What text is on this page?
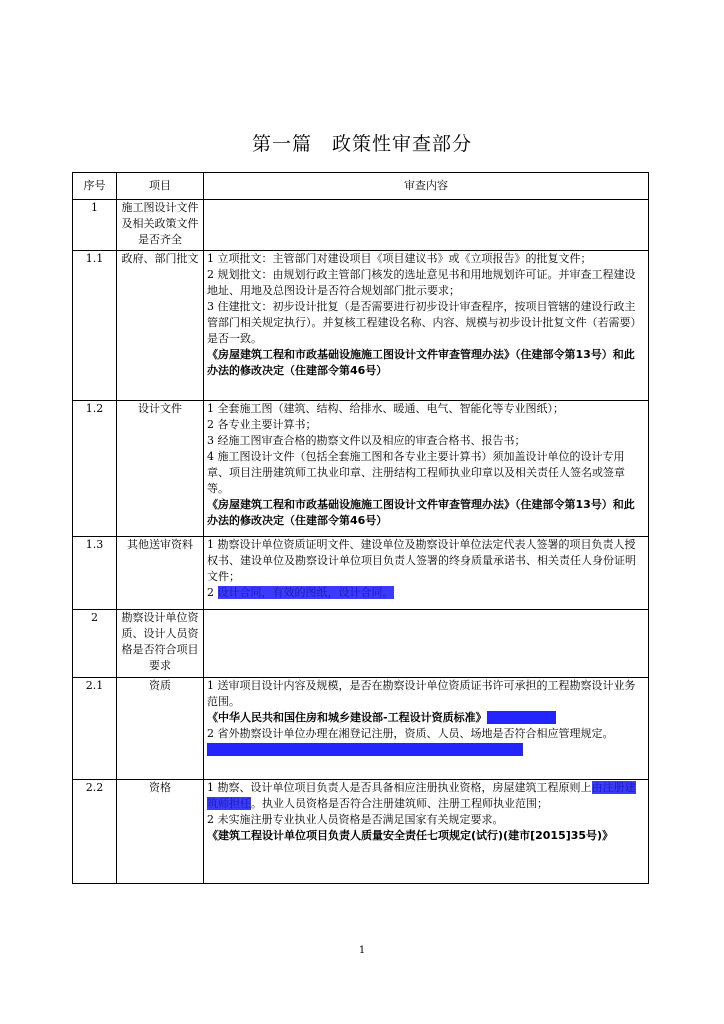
第一篇　政策性审查部分
序号	项目	审查内容
1	施工图设计文件及相关政策文件是否齐全	
1.1	政府、部门批文	1 立项批文：主管部门对建设项目《项目建议书》或《立项报告》的批复文件；

2 规划批文：由规划行政主管部门核发的选址意见书和用地规划许可证。并审查工程建设地址、用地及总图设计是否符合规划部门批示要求；

3 住建批文：初步设计批复（是否需要进行初步设计审查程序，按项目管辖的建设行政主管部门相关规定执行）。并复核工程建设名称、内容、规模与初步设计批复文件（若需要）是否一致。

《房屋建筑工程和市政基础设施施工图设计文件审查管理办法》（住建部令第13号）和此办法的修改决定（住建部令第46号）

1.2	设计文件	1 全套施工图（建筑、结构、给排水、暖通、电气、智能化等专业图纸）；

2 各专业主要计算书；

3 经施工图审查合格的勘察文件以及相应的审查合格书、报告书；

4 施工图设计文件（包括全套施工图和各专业主要计算书）须加盖设计单位的设计专用章、项目注册建筑师工执业印章、注册结构工程师执业印章以及相关责任人签名或签章等。

《房屋建筑工程和市政基础设施施工图设计文件审查管理办法》（住建部令第13号）和此办法的修改决定（住建部令第46号）

1.3	其他送审资料	1 勘察设计单位资质证明文件、建设单位及勘察设计单位法定代表人签署的项目负责人授权书、建设单位及勘察设计单位项目负责人签署的终身质量承诺书、相关责任人身份证明文件；

2 设计合同，有效的图纸，设计合同。

2	勘察设计单位资质、设计人员资格是否符合项目要求	
2.1	资质	1 送审项目设计内容及规模，是否在勘察设计单位资质证书许可承担的工程勘察设计业务范围。

《中华人民共和国住房和城乡建设部-工程设计资质标准》（2016年版）

2 省外勘察设计单位办理在湘登记注册，资质、人员、场地是否符合相应管理规定。

《湖南省入湘建筑业企业监督管理办法》(湘建建[2010]136号)

2.2	资格	1 勘察、设计单位项目负责人是否具备相应注册执业资格，房屋建筑工程原则上由注册建筑师担任。执业人员资格是否符合注册建筑师、注册工程师执业范围；

2 未实施注册专业执业人员资格是否满足国家有关规定要求。

《建筑工程设计单位项目负责人质量安全责任七项规定(试行)(建市[2015]35号)》

1
